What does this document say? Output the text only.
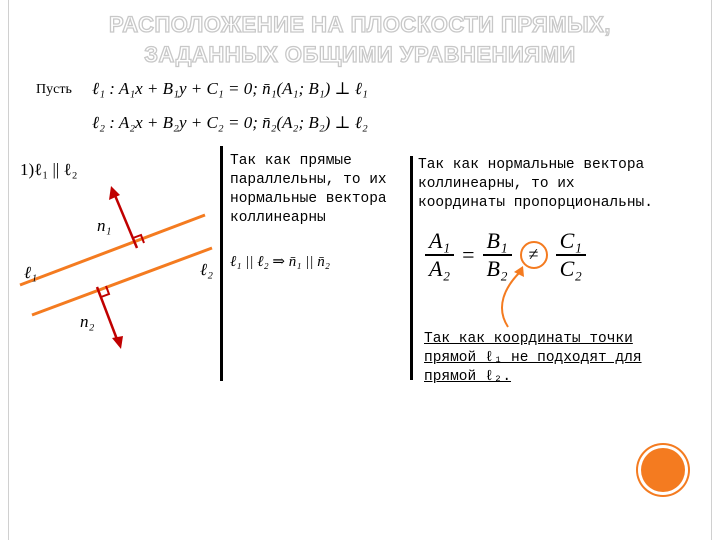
РАСПОЛОЖЕНИЕ НА ПЛОСКОСТИ ПРЯМЫХ,
ЗАДАННЫХ ОБЩИМИ УРАВНЕНИЯМИ
Пусть ℓ₁ : A₁x + B₁y + C₁ = 0; n̄₁(A₁; B₁) ⊥ ℓ₁
ℓ₂ : A₂x + B₂y + C₂ = 0; n̄₂(A₂; B₂) ⊥ ℓ₂
1)ℓ₁ || ℓ₂
n₁
ℓ₁	ℓ₂
n₂
Так как прямые
параллельны, то их
нормальные вектора
коллинеарны
ℓ₁ || ℓ₂ ⇒ n̄₁ || n̄₂
Так как нормальные вектора
коллинеарны, то их
координаты пропорциональны.
$\frac{\text{A₁}}{\text{A₂}} = \frac{\text{B₁}}{\text{B₂}} \ne \frac{\text{C₁}}{\text{C₂}}$
Так как координаты точки
прямой ℓ₁ не подходят для
прямой ℓ₂.
